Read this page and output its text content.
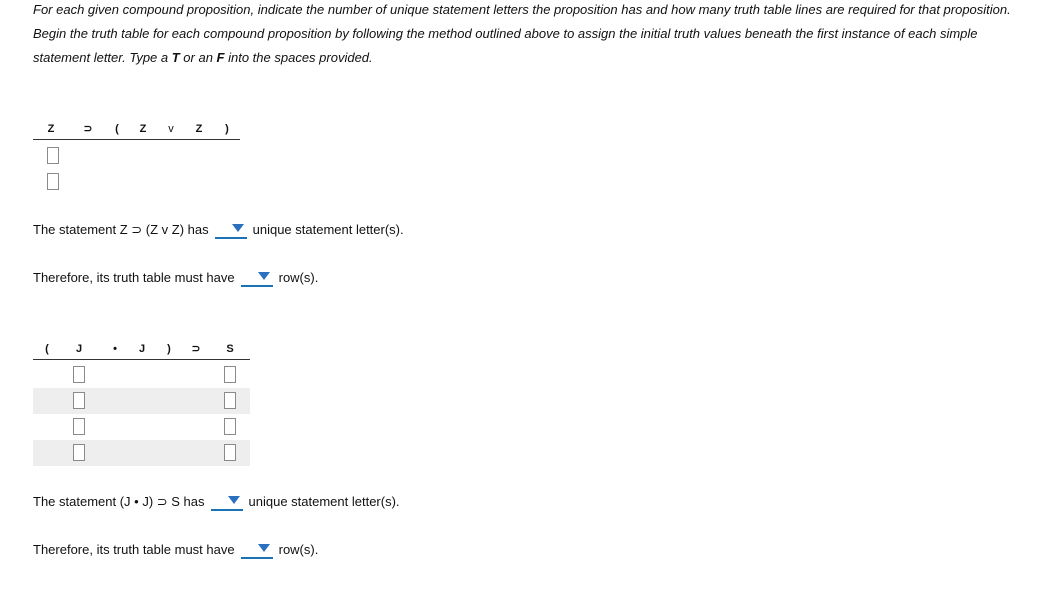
For each given compound proposition, indicate the number of unique statement letters the proposition has and how many truth table lines are required for that proposition. Begin the truth table for each compound proposition by following the method outlined above to assign the initial truth values beneath the first instance of each simple statement letter. Type a T or an F into the spaces provided.
Z	⊃	(	Z	v	Z	)
The statement Z ⊃ (Z v Z) has	unique statement letter(s).
Therefore, its truth table must have	row(s).
(	J	•	J	)	⊃	S
The statement (J • J) ⊃ S has	unique statement letter(s).
Therefore, its truth table must have	row(s).
